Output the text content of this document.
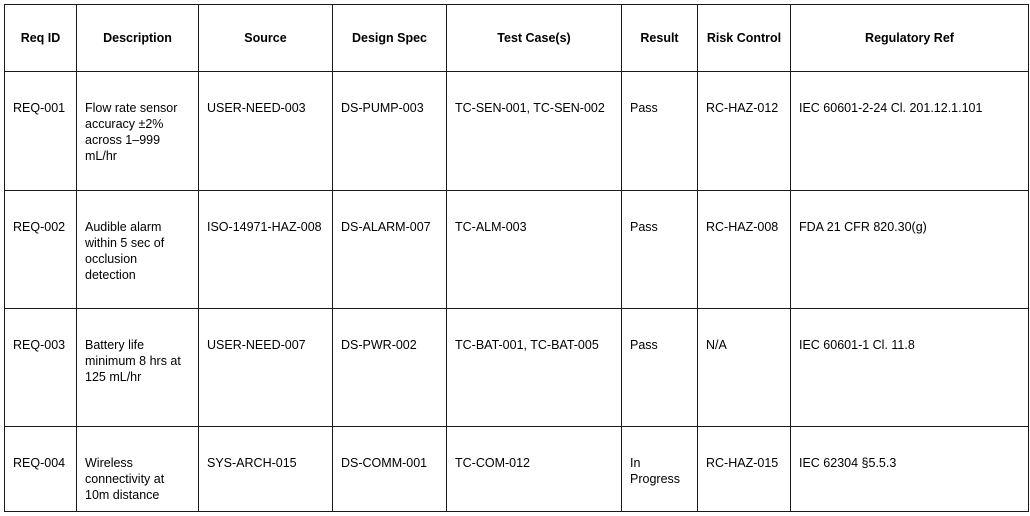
Req ID	Description	Source	Design Spec	Test Case(s)	Result	Risk Control	Regulatory Ref
REQ-001	Flow rate sensor accuracy ±2% across 1–999 mL/hr	USER-NEED-003	DS-PUMP-003	TC-SEN-001, TC-SEN-002	Pass	RC-HAZ-012	IEC 60601-2-24 Cl. 201.12.1.101
REQ-002	Audible alarm within 5 sec of occlusion detection	ISO-14971-HAZ-008	DS-ALARM-007	TC-ALM-003	Pass	RC-HAZ-008	FDA 21 CFR 820.30(g)
REQ-003	Battery life minimum 8 hrs at 125 mL/hr	USER-NEED-007	DS-PWR-002	TC-BAT-001, TC-BAT-005	Pass	N/A	IEC 60601-1 Cl. 11.8
REQ-004	Wireless connectivity at 10m distance	SYS-ARCH-015	DS-COMM-001	TC-COM-012	In Progress	RC-HAZ-015	IEC 62304 §5.5.3
